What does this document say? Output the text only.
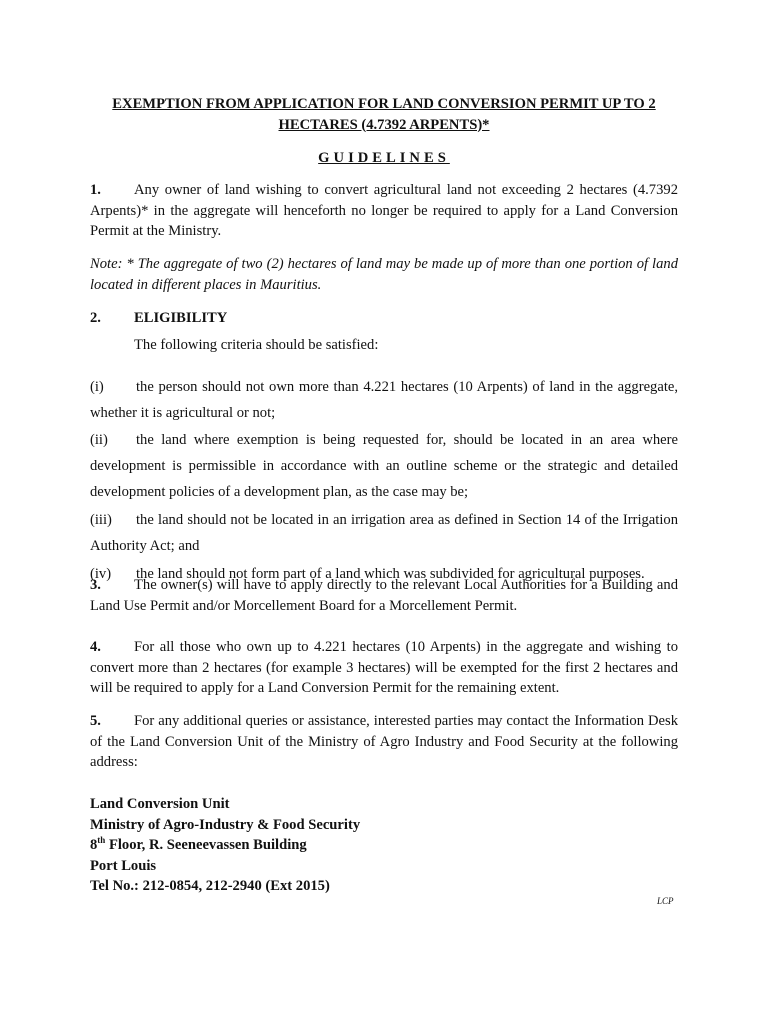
EXEMPTION FROM APPLICATION FOR LAND CONVERSION PERMIT UP TO 2 HECTARES (4.7392 ARPENTS)*

GUIDELINES

1. Any owner of land wishing to convert agricultural land not exceeding 2 hectares (4.7392 Arpents)* in the aggregate will henceforth no longer be required to apply for a Land Conversion Permit at the Ministry.

Note: * The aggregate of two (2) hectares of land may be made up of more than one portion of land located in different places in Mauritius.

2. ELIGIBILITY

The following criteria should be satisfied:

(i) the person should not own more than 4.221 hectares (10 Arpents) of land in the aggregate, whether it is agricultural or not;

(ii) the land where exemption is being requested for, should be located in an area where development is permissible in accordance with an outline scheme or the strategic and detailed development policies of a development plan, as the case may be;

(iii) the land should not be located in an irrigation area as defined in Section 14 of the Irrigation Authority Act; and

(iv) the land should not form part of a land which was subdivided for agricultural purposes.

3. The owner(s) will have to apply directly to the relevant Local Authorities for a Building and Land Use Permit and/or Morcellement Board for a Morcellement Permit.

4. For all those who own up to 4.221 hectares (10 Arpents) in the aggregate and wishing to convert more than 2 hectares (for example 3 hectares) will be exempted for the first 2 hectares and will be required to apply for a Land Conversion Permit for the remaining extent.

5. For any additional queries or assistance, interested parties may contact the Information Desk of the Land Conversion Unit of the Ministry of Agro Industry and Food Security at the following address:

Land Conversion Unit
Ministry of Agro-Industry & Food Security
8th Floor, R. Seeneevassen Building
Port Louis
Tel No.: 212-0854, 212-2940 (Ext 2015)
LCP
